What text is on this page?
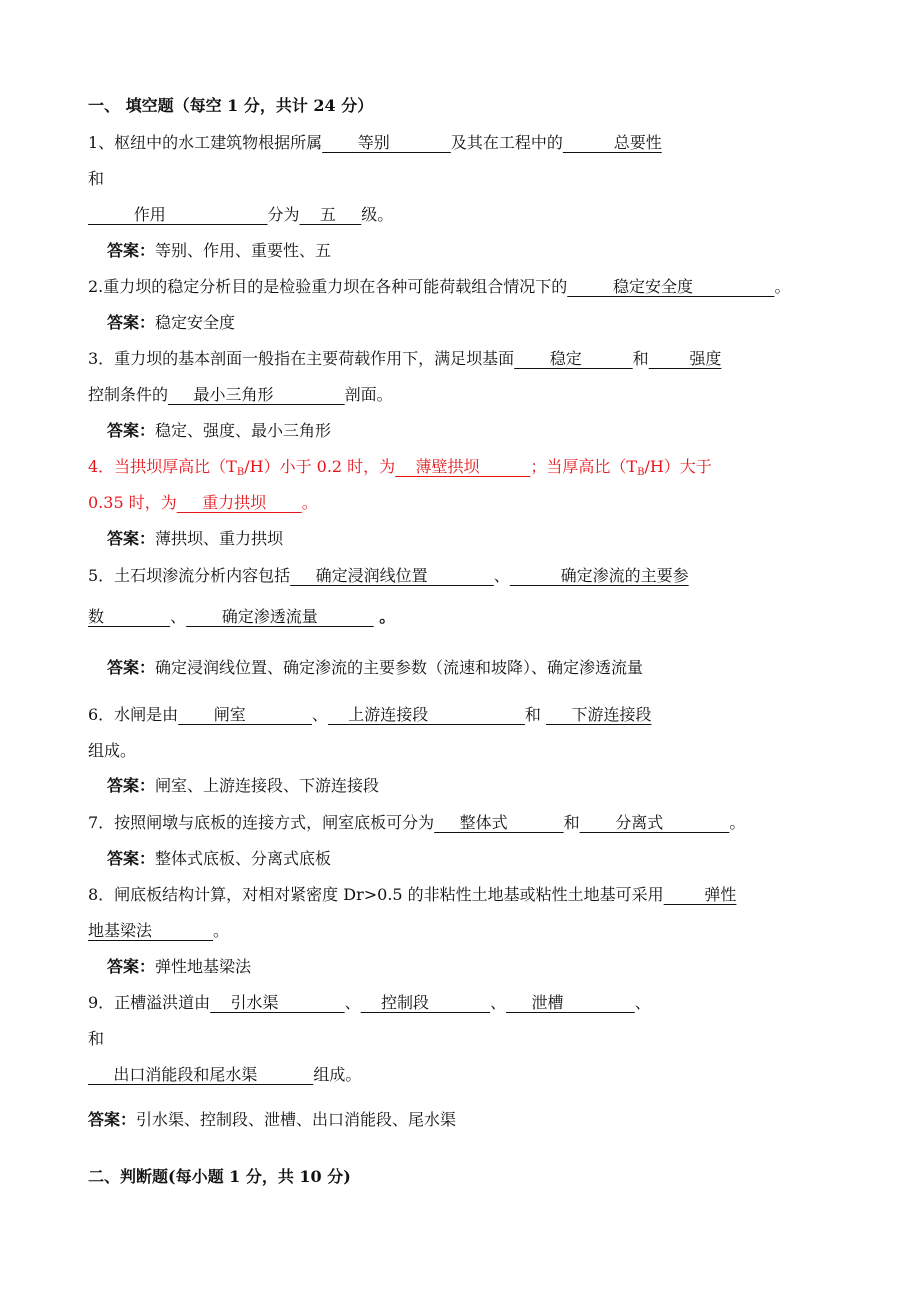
一、 填空题（每空 1 分，共计 24 分）
1、枢纽中的水工建筑物根据所属       等别            及其在工程中的          总要性
和
作用                    分为    五     级。
答案：等别、作用、重要性、五
2.重力坝的稳定分析目的是检验重力坝在各种可能荷载组合情况下的         稳定安全度                。
答案：稳定安全度
3．重力坝的基本剖面一般指在主要荷载作用下，满足坝基面       稳定          和        强度
控制条件的     最小三角形              剖面。
答案：稳定、强度、最小三角形
4．当拱坝厚高比$(T_B/H)$小于 0.2 时，为    薄壁拱坝          ；当厚高比$(T_B/H)$大于
0.35 时，为     重力拱坝       。
答案：薄拱坝、重力拱坝
5．土石坝渗流分析内容包括     确定浸润线位置             、          确定渗流的主要参
数             、       确定渗透流量            。
答案：确定浸润线位置、确定渗流的主要参数（流速和坡降）、确定渗透流量
6．水闸是由       闸室             、    上游连接段                   和      下游连接段
组成。
答案：闸室、上游连接段、下游连接段
7．按照闸墩与底板的连接方式，闸室底板可分为     整体式           和       分离式             。
答案：整体式底板、分离式底板
8．闸底板结构计算，对相对紧密度 Dr>0.5 的非粘性土地基或粘性土地基可采用        弹性
地基梁法            。
答案：弹性地基梁法
9．正槽溢洪道由    引水渠             、    控制段            、     泄槽              、
和
出口消能段和尾水渠           组成。
答案：引水渠、控制段、泄槽、出口消能段、尾水渠
二、判断题(每小题 1 分，共 10 分)
